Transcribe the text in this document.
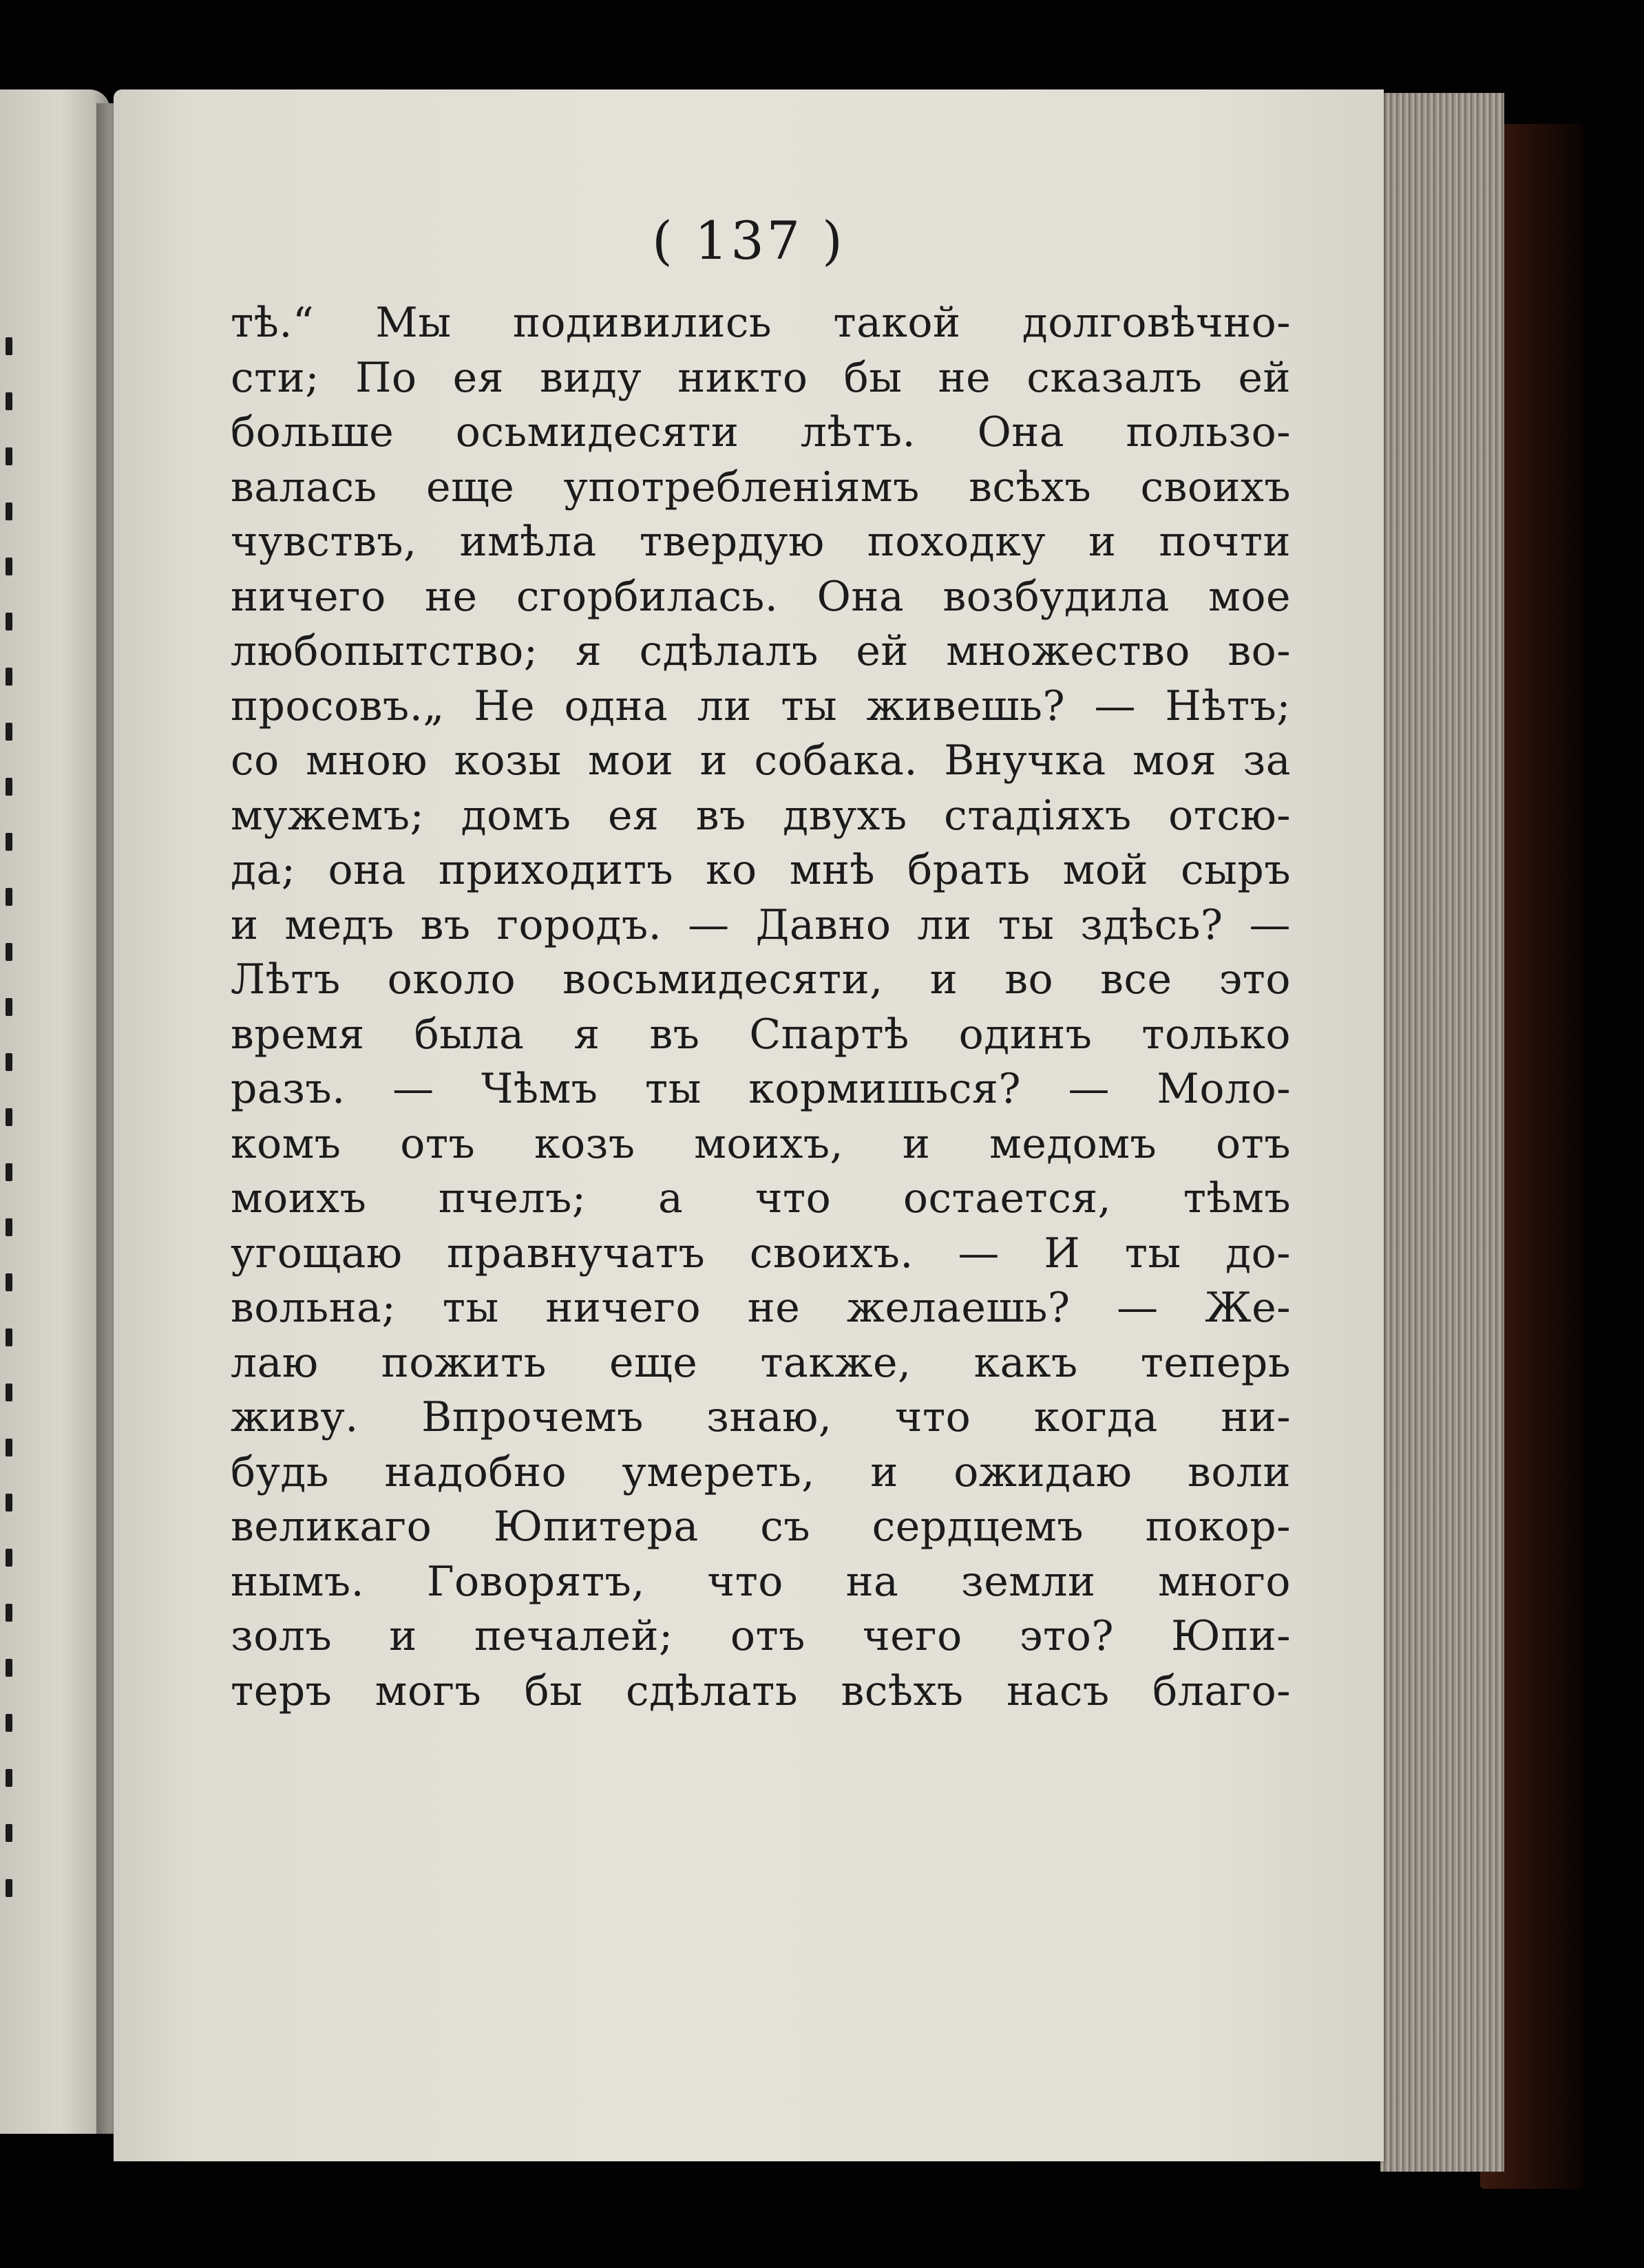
( 137 )
тѣ.“ Мы подивились такой долговѣчно-
сти; По ея виду никто бы не сказалъ ей
больше осьмидесяти лѣтъ. Она пользо-
валась еще употребленіямъ всѣхъ своихъ
чувствъ, имѣла твердую походку и почти
ничего не сгорбилась. Она возбудила мое
любопытство; я сдѣлалъ ей множество во-
просовъ.„ Не одна ли ты живешь? — Нѣтъ;
со мною козы мои и собака. Внучка моя за
мужемъ; домъ ея въ двухъ стадіяхъ отсю-
да; она приходитъ ко мнѣ брать мой сыръ
и медъ въ городъ. — Давно ли ты здѣсь? —
Лѣтъ около восьмидесяти, и во все это
время была я въ Спартѣ одинъ только
разъ. — Чѣмъ ты кормишься? — Моло-
комъ отъ козъ моихъ, и медомъ отъ
моихъ пчелъ; а что остается, тѣмъ
угощаю правнучатъ своихъ. — И ты до-
вольна; ты ничего не желаешь? — Же-
лаю пожить еще также, какъ теперь
живу. Впрочемъ знаю, что когда ни-
будь надобно умереть, и ожидаю воли
великаго Юпитера съ сердцемъ покор-
нымъ. Говорятъ, что на земли много
золъ и печалей; отъ чего это? Юпи-
теръ могъ бы сдѣлать всѣхъ насъ благо-
